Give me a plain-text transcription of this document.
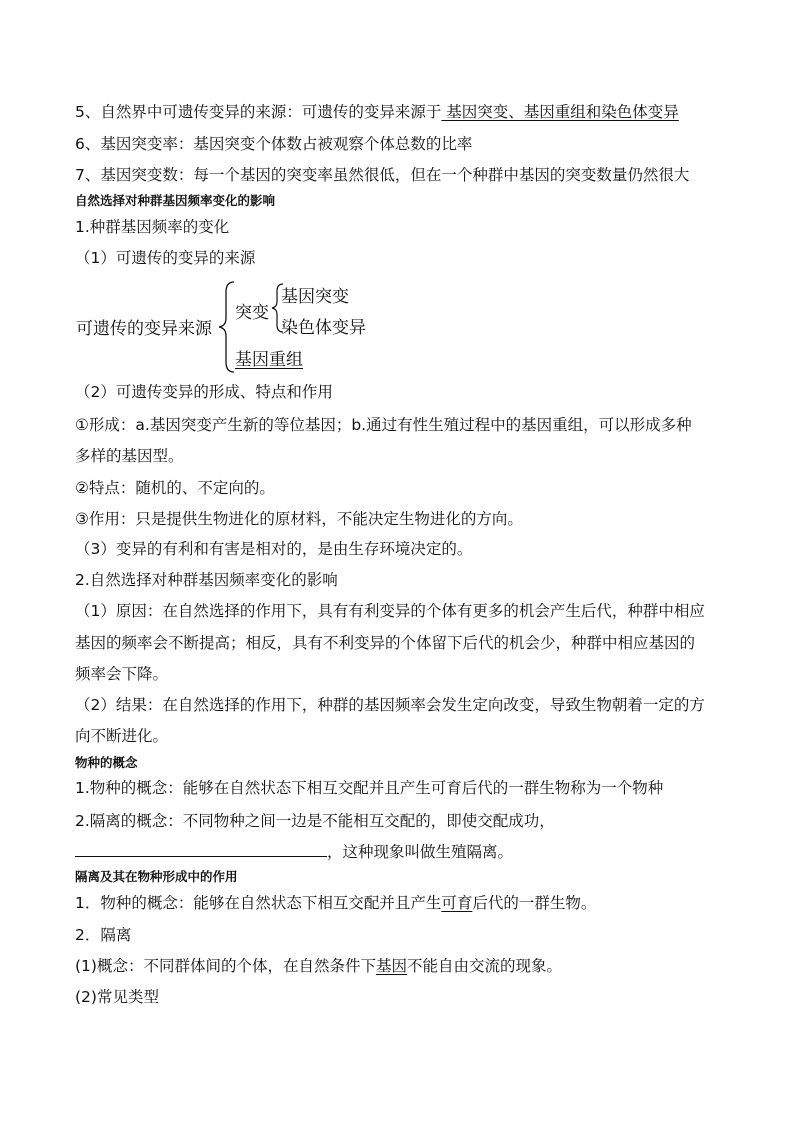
5、自然界中可遗传变异的来源：可遗传的变异来源于 基因突变、基因重组和染色体变异
6、基因突变率：基因突变个体数占被观察个体总数的比率
7、基因突变数：每一个基因的突变率虽然很低，但在一个种群中基因的突变数量仍然很大
自然选择对种群基因频率变化的影响
1.种群基因频率的变化
（1）可遗传的变异的来源
可遗传的变异来源
突变
基因突变
染色体变异
基因重组
（2）可遗传变异的形成、特点和作用
①形成：a.基因突变产生新的等位基因；b.通过有性生殖过程中的基因重组，可以形成多种
多样的基因型。
②特点：随机的、不定向的。
③作用：只是提供生物进化的原材料，不能决定生物进化的方向。
（3）变异的有利和有害是相对的，是由生存环境决定的。
2.自然选择对种群基因频率变化的影响
（1）原因：在自然选择的作用下，具有有利变异的个体有更多的机会产生后代，种群中相应
基因的频率会不断提高；相反，具有不利变异的个体留下后代的机会少，种群中相应基因的
频率会下降。
（2）结果：在自然选择的作用下，种群的基因频率会发生定向改变，导致生物朝着一定的方
向不断进化。
物种的概念
1.物种的概念：能够在自然状态下相互交配并且产生可育后代的一群生物称为一个物种
2.隔离的概念：不同物种之间一边是不能相互交配的，即使交配成功，
，这种现象叫做生殖隔离。
隔离及其在物种形成中的作用
1．物种的概念：能够在自然状态下相互交配并且产生可育后代的一群生物。
2．隔离
(1)概念：不同群体间的个体，在自然条件下基因不能自由交流的现象。
(2)常见类型
